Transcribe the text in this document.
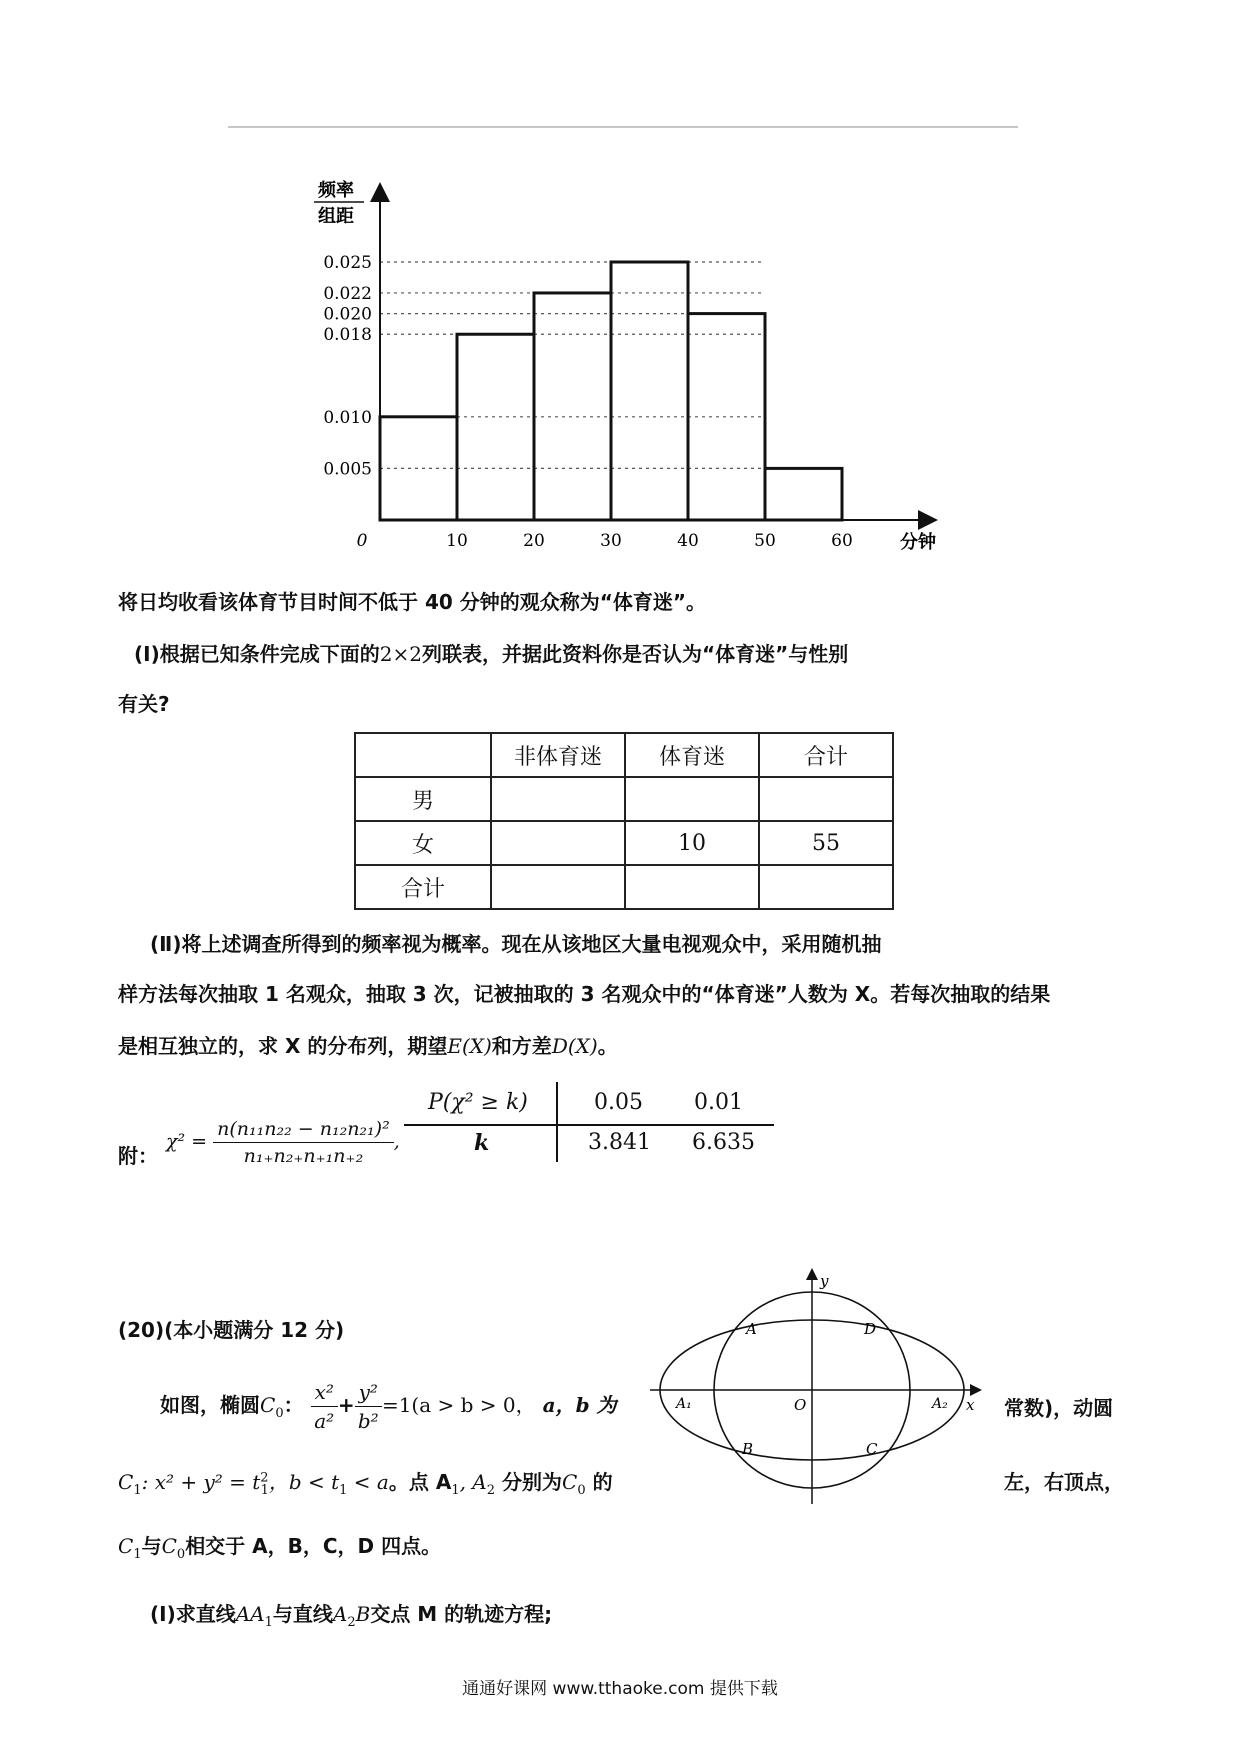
0.025
0.022
0.020
0.018
0.010
0.005
0	10	20	30	40	50	60
频率
组距
分钟
将日均收看该体育节目时间不低于 40 分钟的观众称为“体育迷”。
(Ⅰ)根据已知条件完成下面的2×2列联表，并据此资料你是否认为“体育迷”与性别
有关?
	非体育迷	体育迷	合计
男			
女		10	55
合计			
(Ⅱ)将上述调查所得到的频率视为概率。现在从该地区大量电视观众中，采用随机抽
样方法每次抽取 1 名观众，抽取 3 次，记被抽取的 3 名观众中的“体育迷”人数为 X。若每次抽取的结果
是相互独立的，求 X 的分布列，期望E(X)和方差D(X)。
附：
$\chi^2 = \frac{\text{n(n₁₁n₂₂ − n₁₂n₂₁)²}}{\text{n₁₊n₂₊n₊₁n₊₂}}$ ,
P(χ² ≥ k)	0.05 0.01
k	3.841 6.635
(20)(本小题满分 12 分)
如图，椭圆$C_0$： $\frac{\text{x²}}{\text{a²}} + \frac{\text{y²}}{\text{b²}} =1(a > b > 0$， a，b 为	常数)，动圆
$C_1$: $x^2 + y^2 = t^2_1$，$b < t_1 < a$。点 $A_1$, $A_2$ 分别为$C_0$ 的	左，右顶点，
$C_1$与$C_0$相交于 A，B，C，D 四点。
(Ⅰ)求直线$AA_1$与直线$A_2B$交点 M 的轨迹方程;
y
x
A	D
B	C
O
A₁	A₂
通通好课网 www.tthaoke.com 提供下载
